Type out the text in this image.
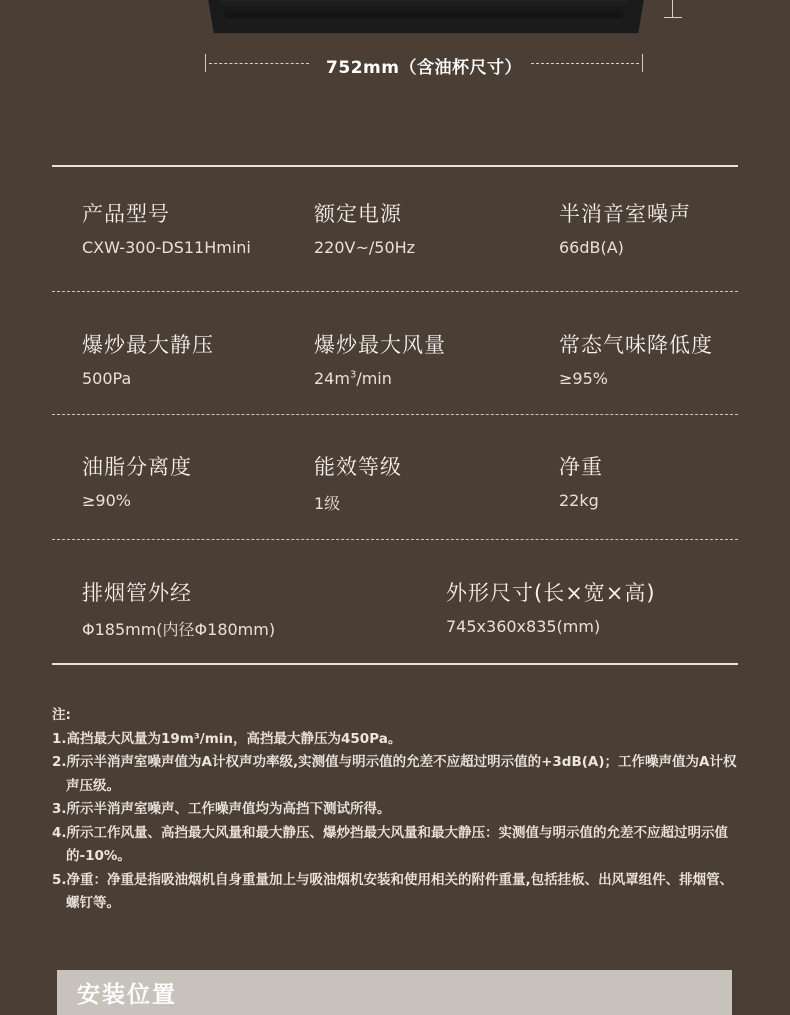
752mm（含油杯尺寸）
产品型号
CXW-300-DS11Hmini
额定电源
220V~/50Hz
半消音室噪声
66dB(A)
爆炒最大静压
500Pa
爆炒最大风量
$24m^3/\min$
常态气味降低度
≥95%
油脂分离度
≥90%
能效等级
1级
净重
22kg
排烟管外经
Φ185mm(内径Φ180mm)
外形尺寸(长×宽×高)
745x360x835(mm)
注:
1.高挡最大风量为19m³/min，高挡最大静压为450Pa。
2.所示半消声室噪声值为A计权声功率级,实测值与明示值的允差不应超过明示值的+3dB(A)；工作噪声值为A计权声压级。
3.所示半消声室噪声、工作噪声值均为高挡下测试所得。
4.所示工作风量、高挡最大风量和最大静压、爆炒挡最大风量和最大静压：实测值与明示值的允差不应超过明示值的-10%。
5.净重：净重是指吸油烟机自身重量加上与吸油烟机安装和使用相关的附件重量,包括挂板、出风罩组件、排烟管、螺钉等。
安装位置
